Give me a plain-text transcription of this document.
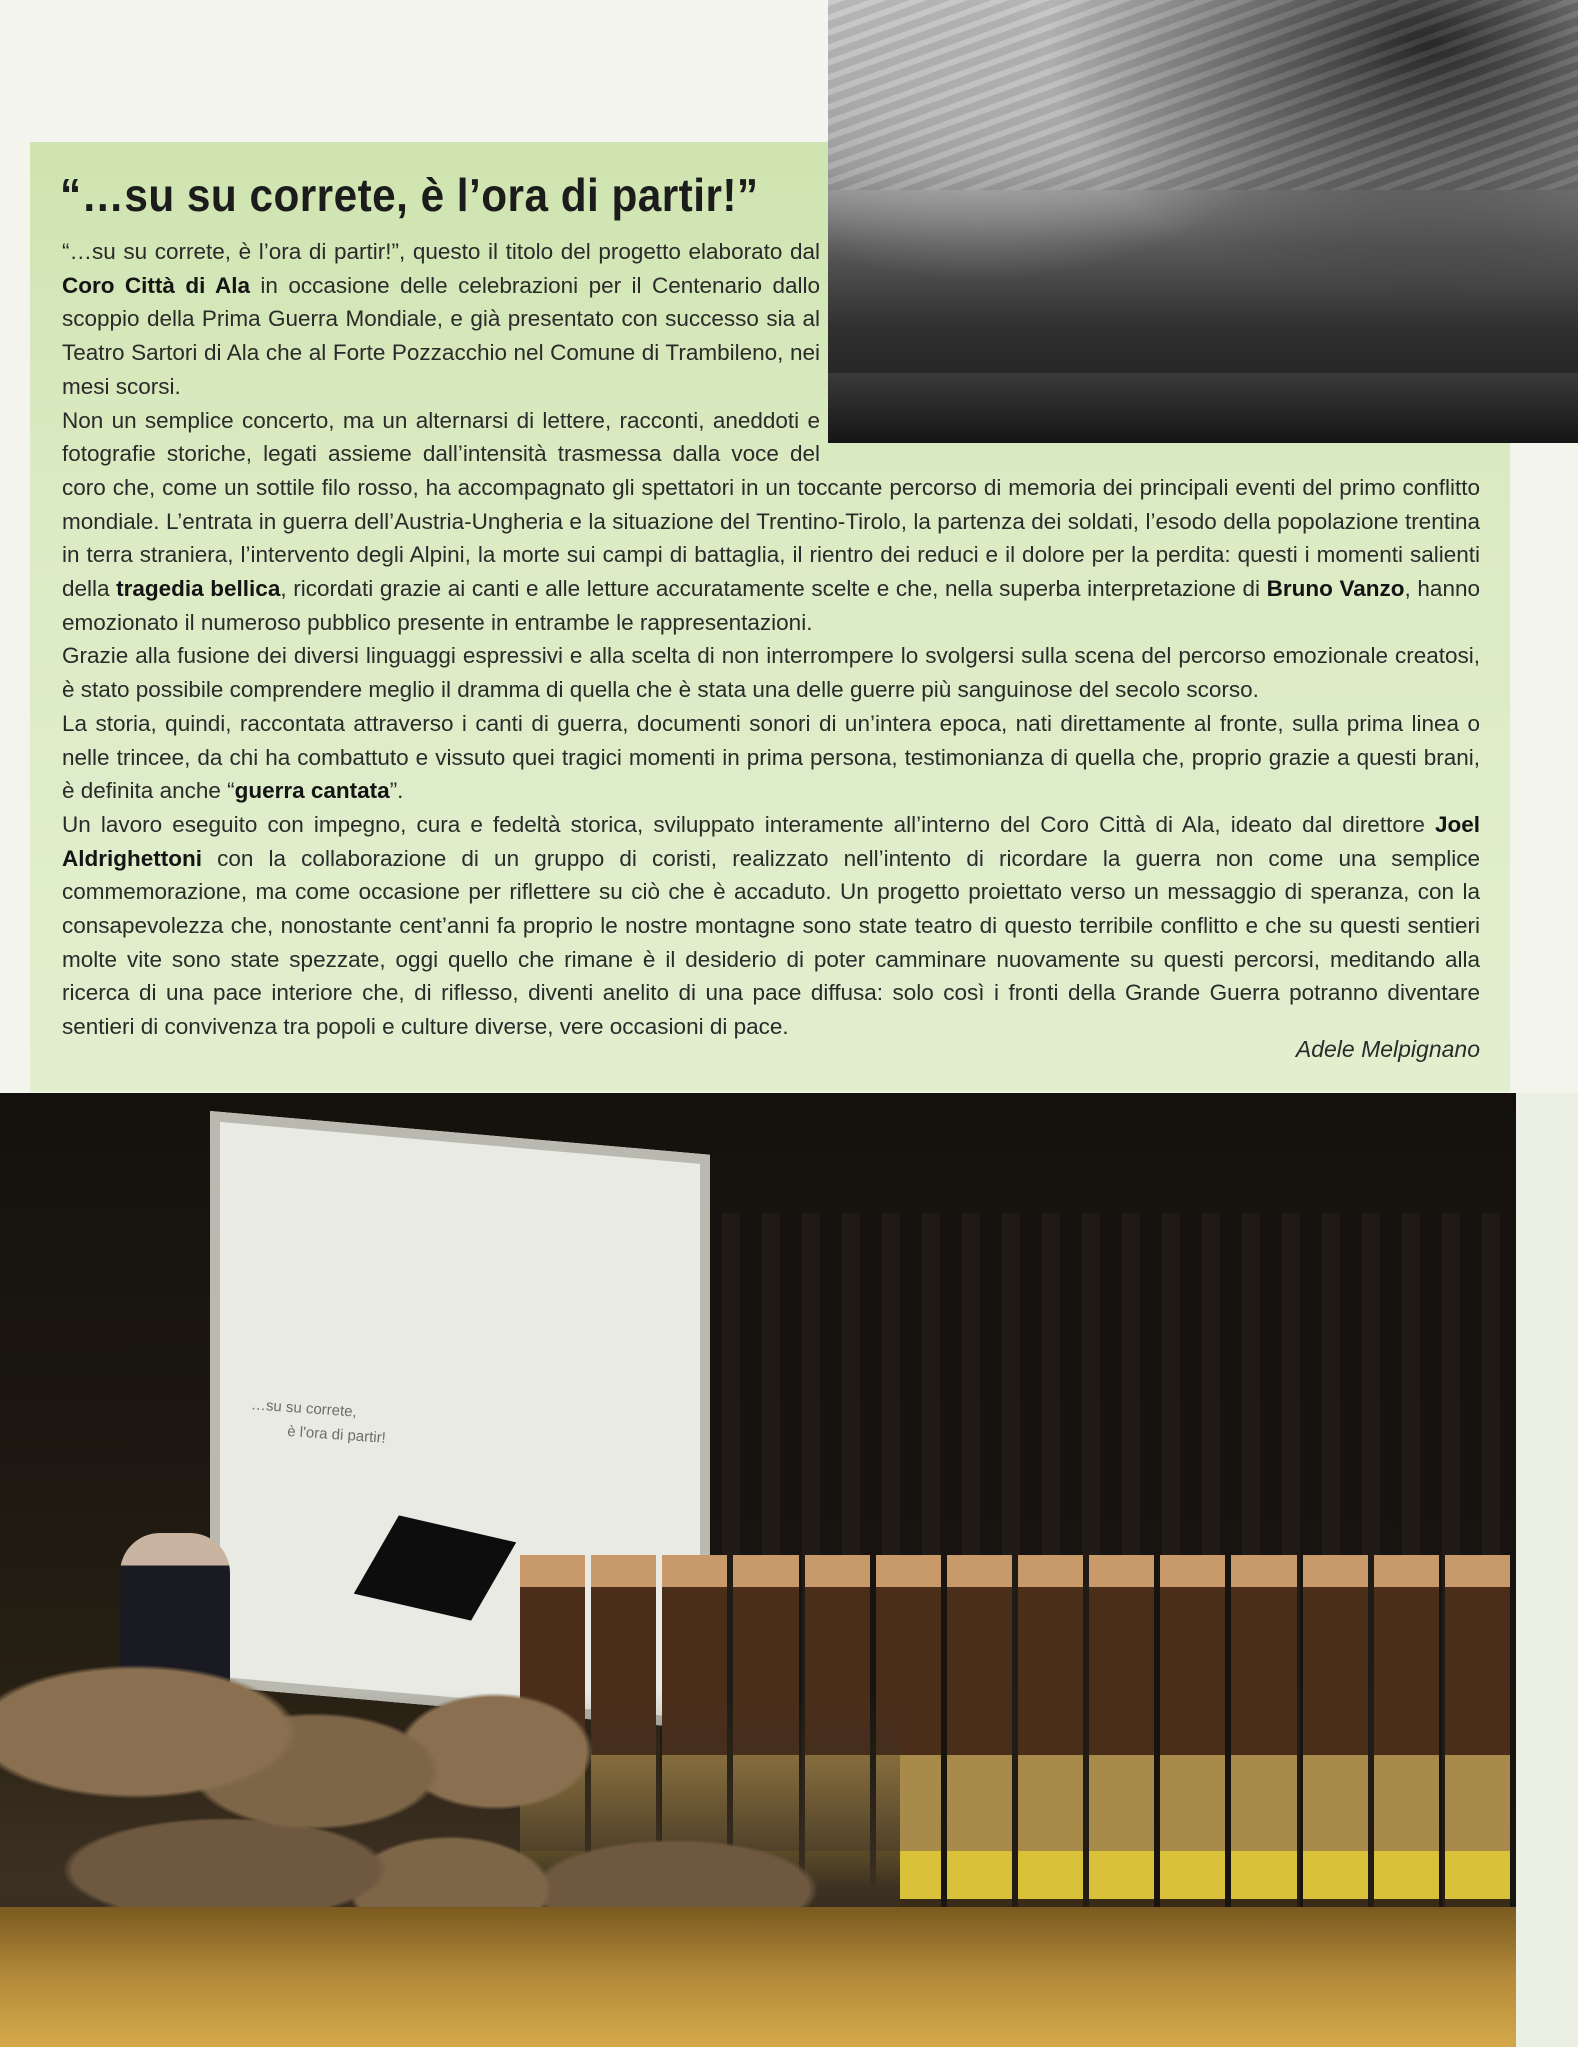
“…su su correte, è l’ora di partir!”

“…su su correte, è l’ora di partir!”, questo il titolo del progetto elaborato dal Coro Città di Ala in occasione delle celebrazioni per il Centenario dallo scoppio della Prima Guerra Mondiale, e già presentato con successo sia al Teatro Sartori di Ala che al Forte Pozzacchio nel Comune di Trambileno, nei mesi scorsi.

Non un semplice concerto, ma un alternarsi di lettere, racconti, aneddoti e fotografie storiche, legati assieme dall’intensità trasmessa dalla voce del coro che, come un sottile filo rosso, ha accompagnato gli spettatori in un toccante percorso di memoria dei principali eventi del primo conflitto mondiale. L’entrata in guerra dell’Austria-Ungheria e la situazione del Trentino-Tirolo, la partenza dei soldati, l’esodo della popolazione trentina in terra straniera, l’intervento degli Alpini, la morte sui campi di battaglia, il rientro dei reduci e il dolore per la perdita: questi i momenti salienti della tragedia bellica, ricordati grazie ai canti e alle letture accuratamente scelte e che, nella superba interpretazione di Bruno Vanzo, hanno emozionato il numeroso pubblico presente in entrambe le rappresentazioni.

Grazie alla fusione dei diversi linguaggi espressivi e alla scelta di non interrompere lo svolgersi sulla scena del percorso emozionale creatosi, è stato possibile comprendere meglio il dramma di quella che è stata una delle guerre più sanguinose del secolo scorso.

La storia, quindi, raccontata attraverso i canti di guerra, documenti sonori di un’intera epoca, nati direttamente al fronte, sulla prima linea o nelle trincee, da chi ha combattuto e vissuto quei tragici momenti in prima persona, testimonianza di quella che, proprio grazie a questi brani, è definita anche “guerra cantata”.

Un lavoro eseguito con impegno, cura e fedeltà storica, sviluppato interamente all’interno del Coro Città di Ala, ideato dal direttore Joel Aldrighettoni con la collaborazione di un gruppo di coristi, realizzato nell’intento di ricordare la guerra non come una semplice commemorazione, ma come occasione per riflettere su ciò che è accaduto. Un progetto proiettato verso un messaggio di speranza, con la consapevolezza che, nonostante cent’anni fa proprio le nostre montagne sono state teatro di questo terribile conflitto e che su questi sentieri molte vite sono state spezzate, oggi quello che rimane è il desiderio di poter camminare nuovamente su questi percorsi, meditando alla ricerca di una pace interiore che, di riflesso, diventi anelito di una pace diffusa: solo così i fronti della Grande Guerra potranno diventare sentieri di convivenza tra popoli e culture diverse, vere occasioni di pace.

Adele Melpignano
…su su correte,
è l'ora di partir!
